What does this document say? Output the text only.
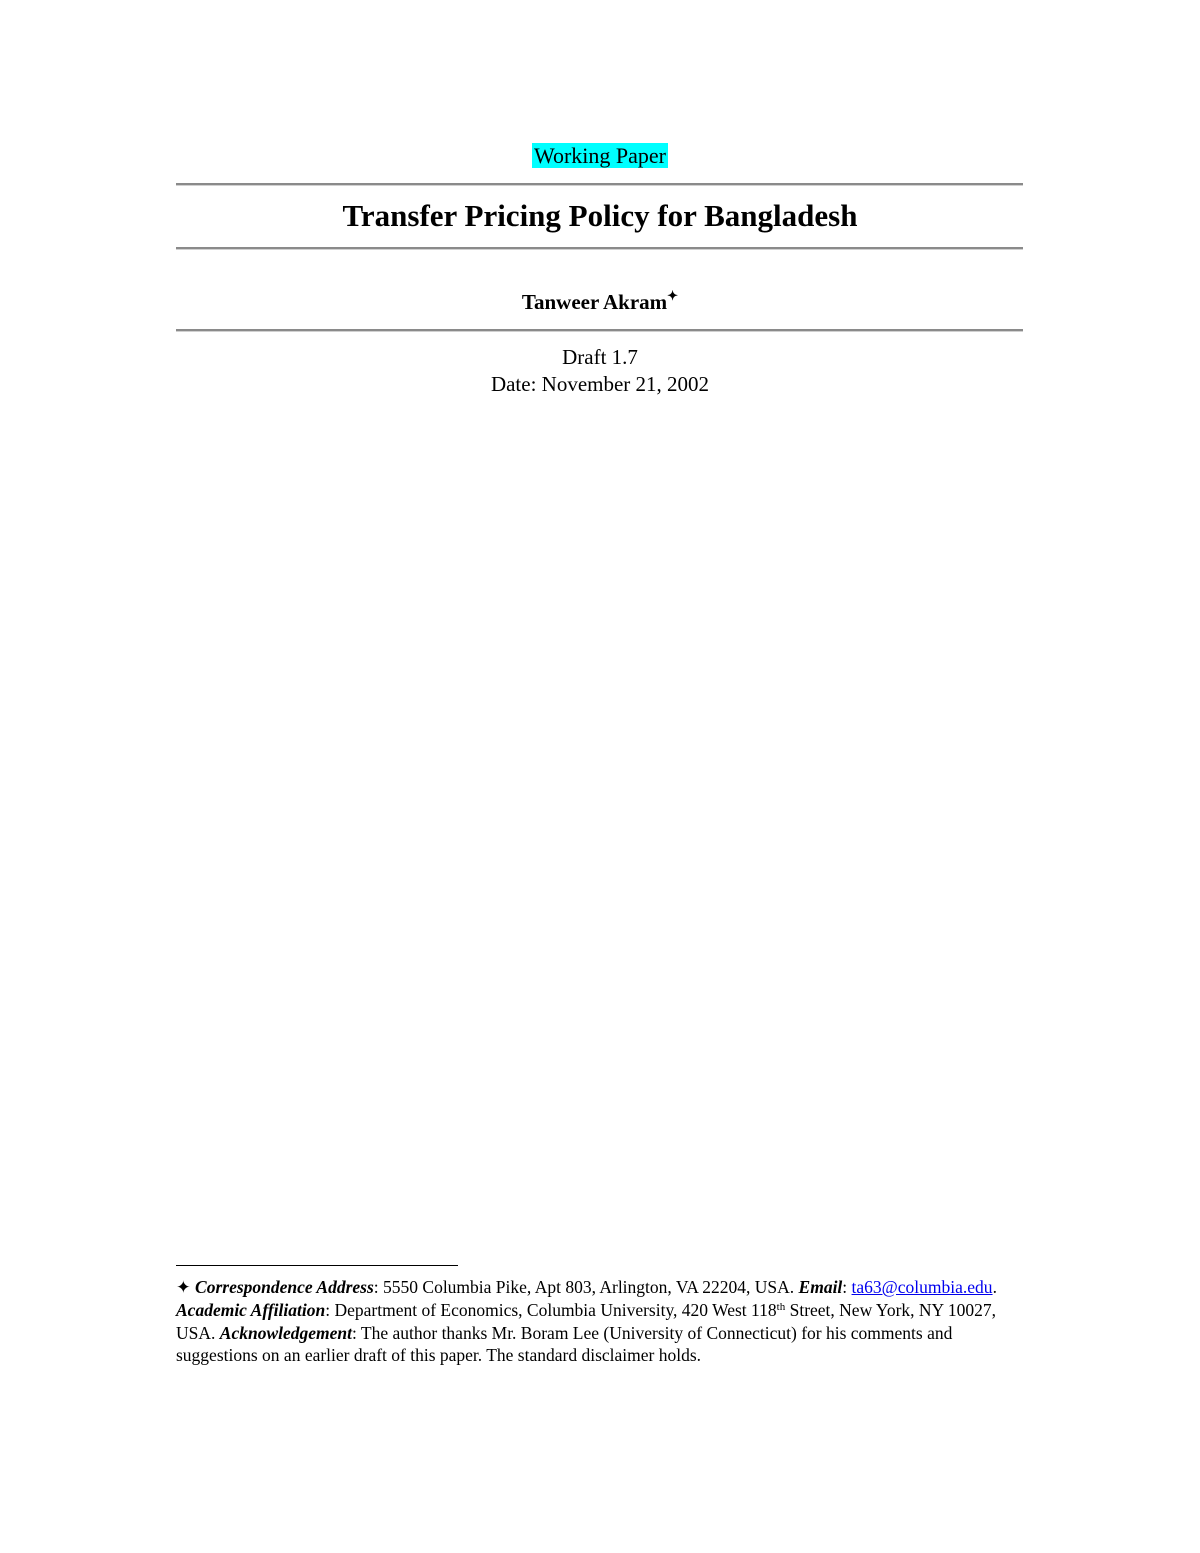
Working Paper
Transfer Pricing Policy for Bangladesh
Tanweer Akram✦
Draft 1.7
Date: November 21, 2002
✦ Correspondence Address: 5550 Columbia Pike, Apt 803, Arlington, VA 22204, USA. Email: ta63@columbia.edu. Academic Affiliation: Department of Economics, Columbia University, 420 West 118th Street, New York, NY 10027, USA. Acknowledgement: The author thanks Mr. Boram Lee (University of Connecticut) for his comments and suggestions on an earlier draft of this paper. The standard disclaimer holds.
